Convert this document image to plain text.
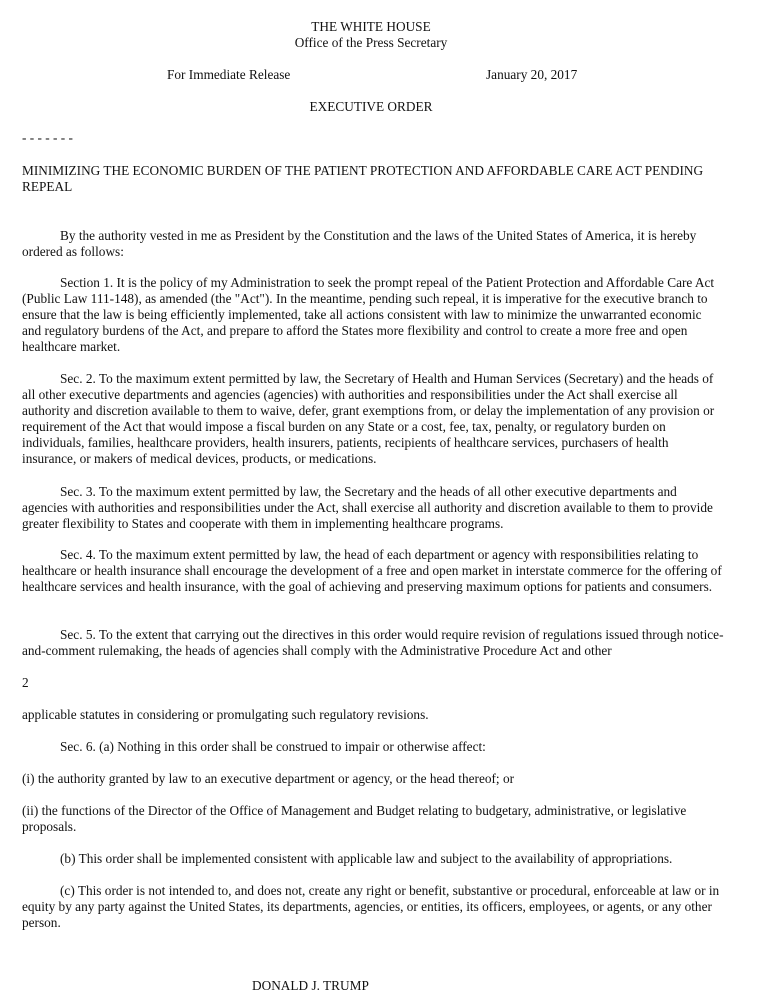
THE WHITE HOUSE
Office of the Press Secretary
For Immediate Release	January 20, 2017
EXECUTIVE ORDER
- - - - - - -
MINIMIZING THE ECONOMIC BURDEN OF THE PATIENT PROTECTION AND AFFORDABLE CARE ACT PENDING
REPEAL

By the authority vested in me as President by the Constitution and the laws of the United States of America, it is hereby ordered as follows:

Section 1. It is the policy of my Administration to seek the prompt repeal of the Patient Protection and Affordable Care Act (Public Law 111-148), as amended (the "Act"). In the meantime, pending such repeal, it is imperative for the executive branch to ensure that the law is being efficiently implemented, take all actions consistent with law to minimize the unwarranted economic and regulatory burdens of the Act, and prepare to afford the States more flexibility and control to create a more free and open healthcare market.

Sec. 2. To the maximum extent permitted by law, the Secretary of Health and Human Services (Secretary) and the heads of all other executive departments and agencies (agencies) with authorities and responsibilities under the Act shall exercise all authority and discretion available to them to waive, defer, grant exemptions from, or delay the implementation of any provision or requirement of the Act that would impose a fiscal burden on any State or a cost, fee, tax, penalty, or regulatory burden on individuals, families, healthcare providers, health insurers, patients, recipients of healthcare services, purchasers of health insurance, or makers of medical devices, products, or medications.

Sec. 3. To the maximum extent permitted by law, the Secretary and the heads of all other executive departments and agencies with authorities and responsibilities under the Act, shall exercise all authority and discretion available to them to provide greater flexibility to States and cooperate with them in implementing healthcare programs.

Sec. 4. To the maximum extent permitted by law, the head of each department or agency with responsibilities relating to healthcare or health insurance shall encourage the development of a free and open market in interstate commerce for the offering of healthcare services and health insurance, with the goal of achieving and preserving maximum options for patients and consumers.

Sec. 5. To the extent that carrying out the directives in this order would require revision of regulations issued through notice-and-comment rulemaking, the heads of agencies shall comply with the Administrative Procedure Act and other

2
applicable statutes in considering or promulgating such regulatory revisions.

Sec. 6. (a) Nothing in this order shall be construed to impair or otherwise affect:

(i) the authority granted by law to an executive department or agency, or the head thereof; or

(ii) the functions of the Director of the Office of Management and Budget relating to budgetary, administrative, or legislative proposals.

(b) This order shall be implemented consistent with applicable law and subject to the availability of appropriations.

(c) This order is not intended to, and does not, create any right or benefit, substantive or procedural, enforceable at law or in equity by any party against the United States, its departments, agencies, or entities, its officers, employees, or agents, or any other person.

DONALD J. TRUMP
